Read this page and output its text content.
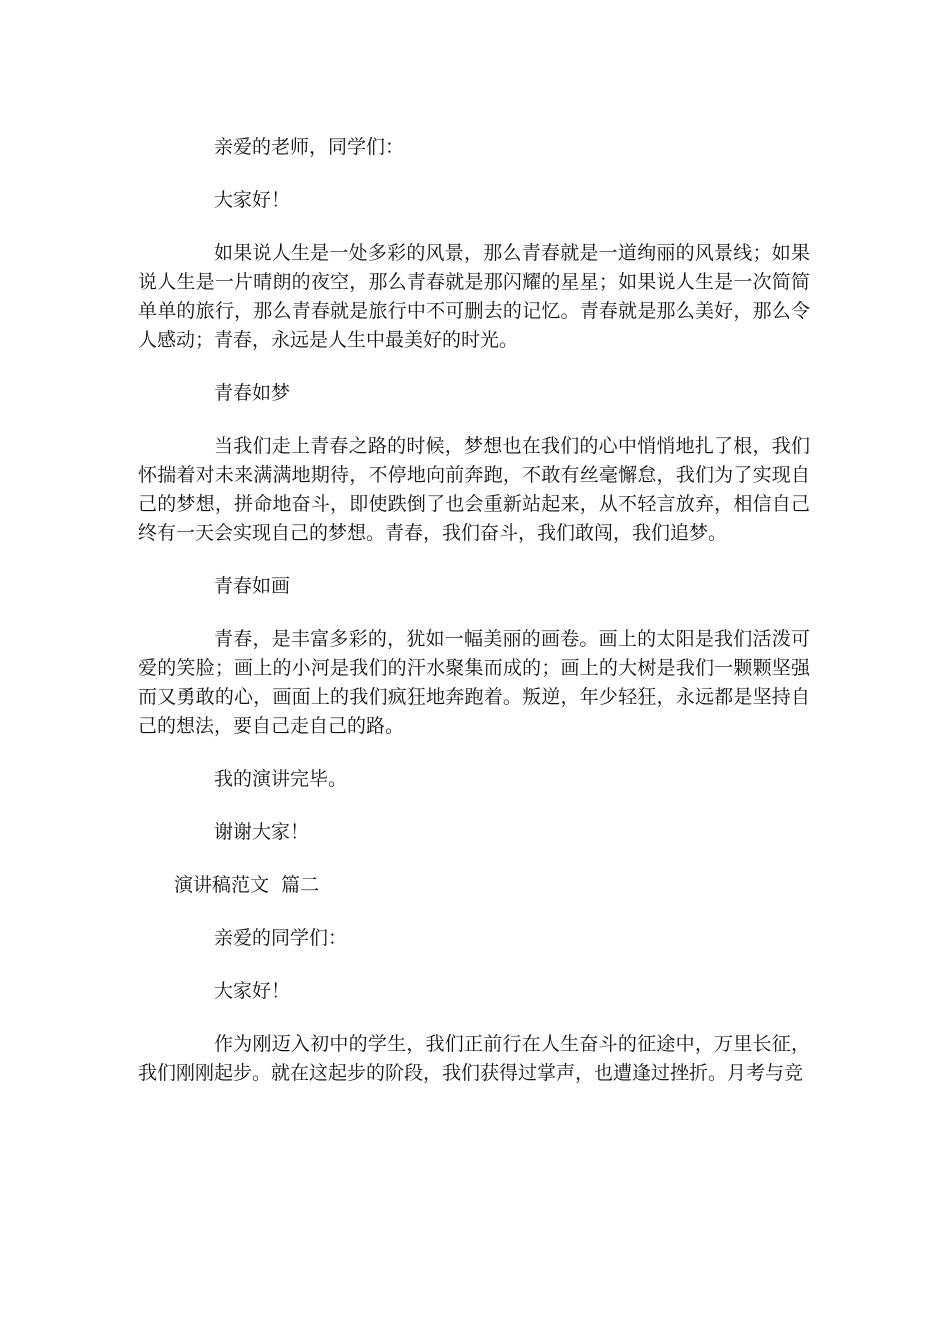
亲爱的老师，同学们：

大家好！

如果说人生是一处多彩的风景，那么青春就是一道绚丽的风景线；如果说人生是一片晴朗的夜空，那么青春就是那闪耀的星星；如果说人生是一次简简单单的旅行，那么青春就是旅行中不可删去的记忆。青春就是那么美好，那么令人感动；青春，永远是人生中最美好的时光。

青春如梦

当我们走上青春之路的时候，梦想也在我们的心中悄悄地扎了根，我们怀揣着对未来满满地期待，不停地向前奔跑，不敢有丝毫懈怠，我们为了实现自己的梦想，拼命地奋斗，即使跌倒了也会重新站起来，从不轻言放弃，相信自己终有一天会实现自己的梦想。青春，我们奋斗，我们敢闯，我们追梦。

青春如画

青春，是丰富多彩的，犹如一幅美丽的画卷。画上的太阳是我们活泼可爱的笑脸；画上的小河是我们的汗水聚集而成的；画上的大树是我们一颗颗坚强而又勇敢的心，画面上的我们疯狂地奔跑着。叛逆，年少轻狂，永远都是坚持自己的想法，要自己走自己的路。

我的演讲完毕。

谢谢大家！

演讲稿范文  篇二

亲爱的同学们：

大家好！

作为刚迈入初中的学生，我们正前行在人生奋斗的征途中，万里长征，我们刚刚起步。就在这起步的阶段，我们获得过掌声，也遭逢过挫折。月考与竞
